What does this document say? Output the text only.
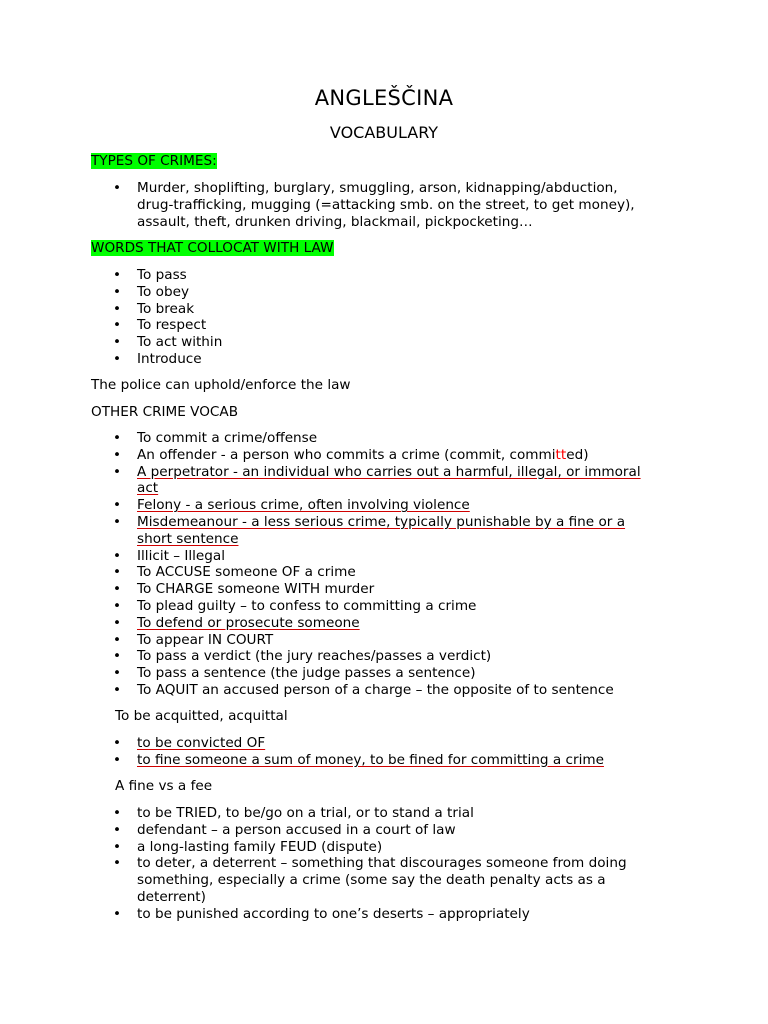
ANGLEŠČINA
VOCABULARY
TYPES OF CRIMES:
• Murder, shoplifting, burglary, smuggling, arson, kidnapping/abduction,
drug-trafficking, mugging (=attacking smb. on the street, to get money),
assault, theft, drunken driving, blackmail, pickpocketing…
WORDS THAT COLLOCAT WITH LAW
• To pass
• To obey
• To break
• To respect
• To act within
• Introduce
The police can uphold/enforce the law
OTHER CRIME VOCAB
• To commit a crime/offense
• An offender - a person who commits a crime (commit, committed)
• A perpetrator - an individual who carries out a harmful, illegal, or immoral
act
• Felony - a serious crime, often involving violence
• Misdemeanour - a less serious crime, typically punishable by a fine or a
short sentence
• Illicit – Illegal
• To ACCUSE someone OF a crime
• To CHARGE someone WITH murder
• To plead guilty – to confess to committing a crime
• To defend or prosecute someone
• To appear IN COURT
• To pass a verdict (the jury reaches/passes a verdict)
• To pass a sentence (the judge passes a sentence)
• To AQUIT an accused person of a charge – the opposite of to sentence
To be acquitted, acquittal
• to be convicted OF
• to fine someone a sum of money, to be fined for committing a crime
A fine vs a fee
• to be TRIED, to be/go on a trial, or to stand a trial
• defendant – a person accused in a court of law
• a long-lasting family FEUD (dispute)
• to deter, a deterrent – something that discourages someone from doing
something, especially a crime (some say the death penalty acts as a
deterrent)
• to be punished according to one’s deserts – appropriately
